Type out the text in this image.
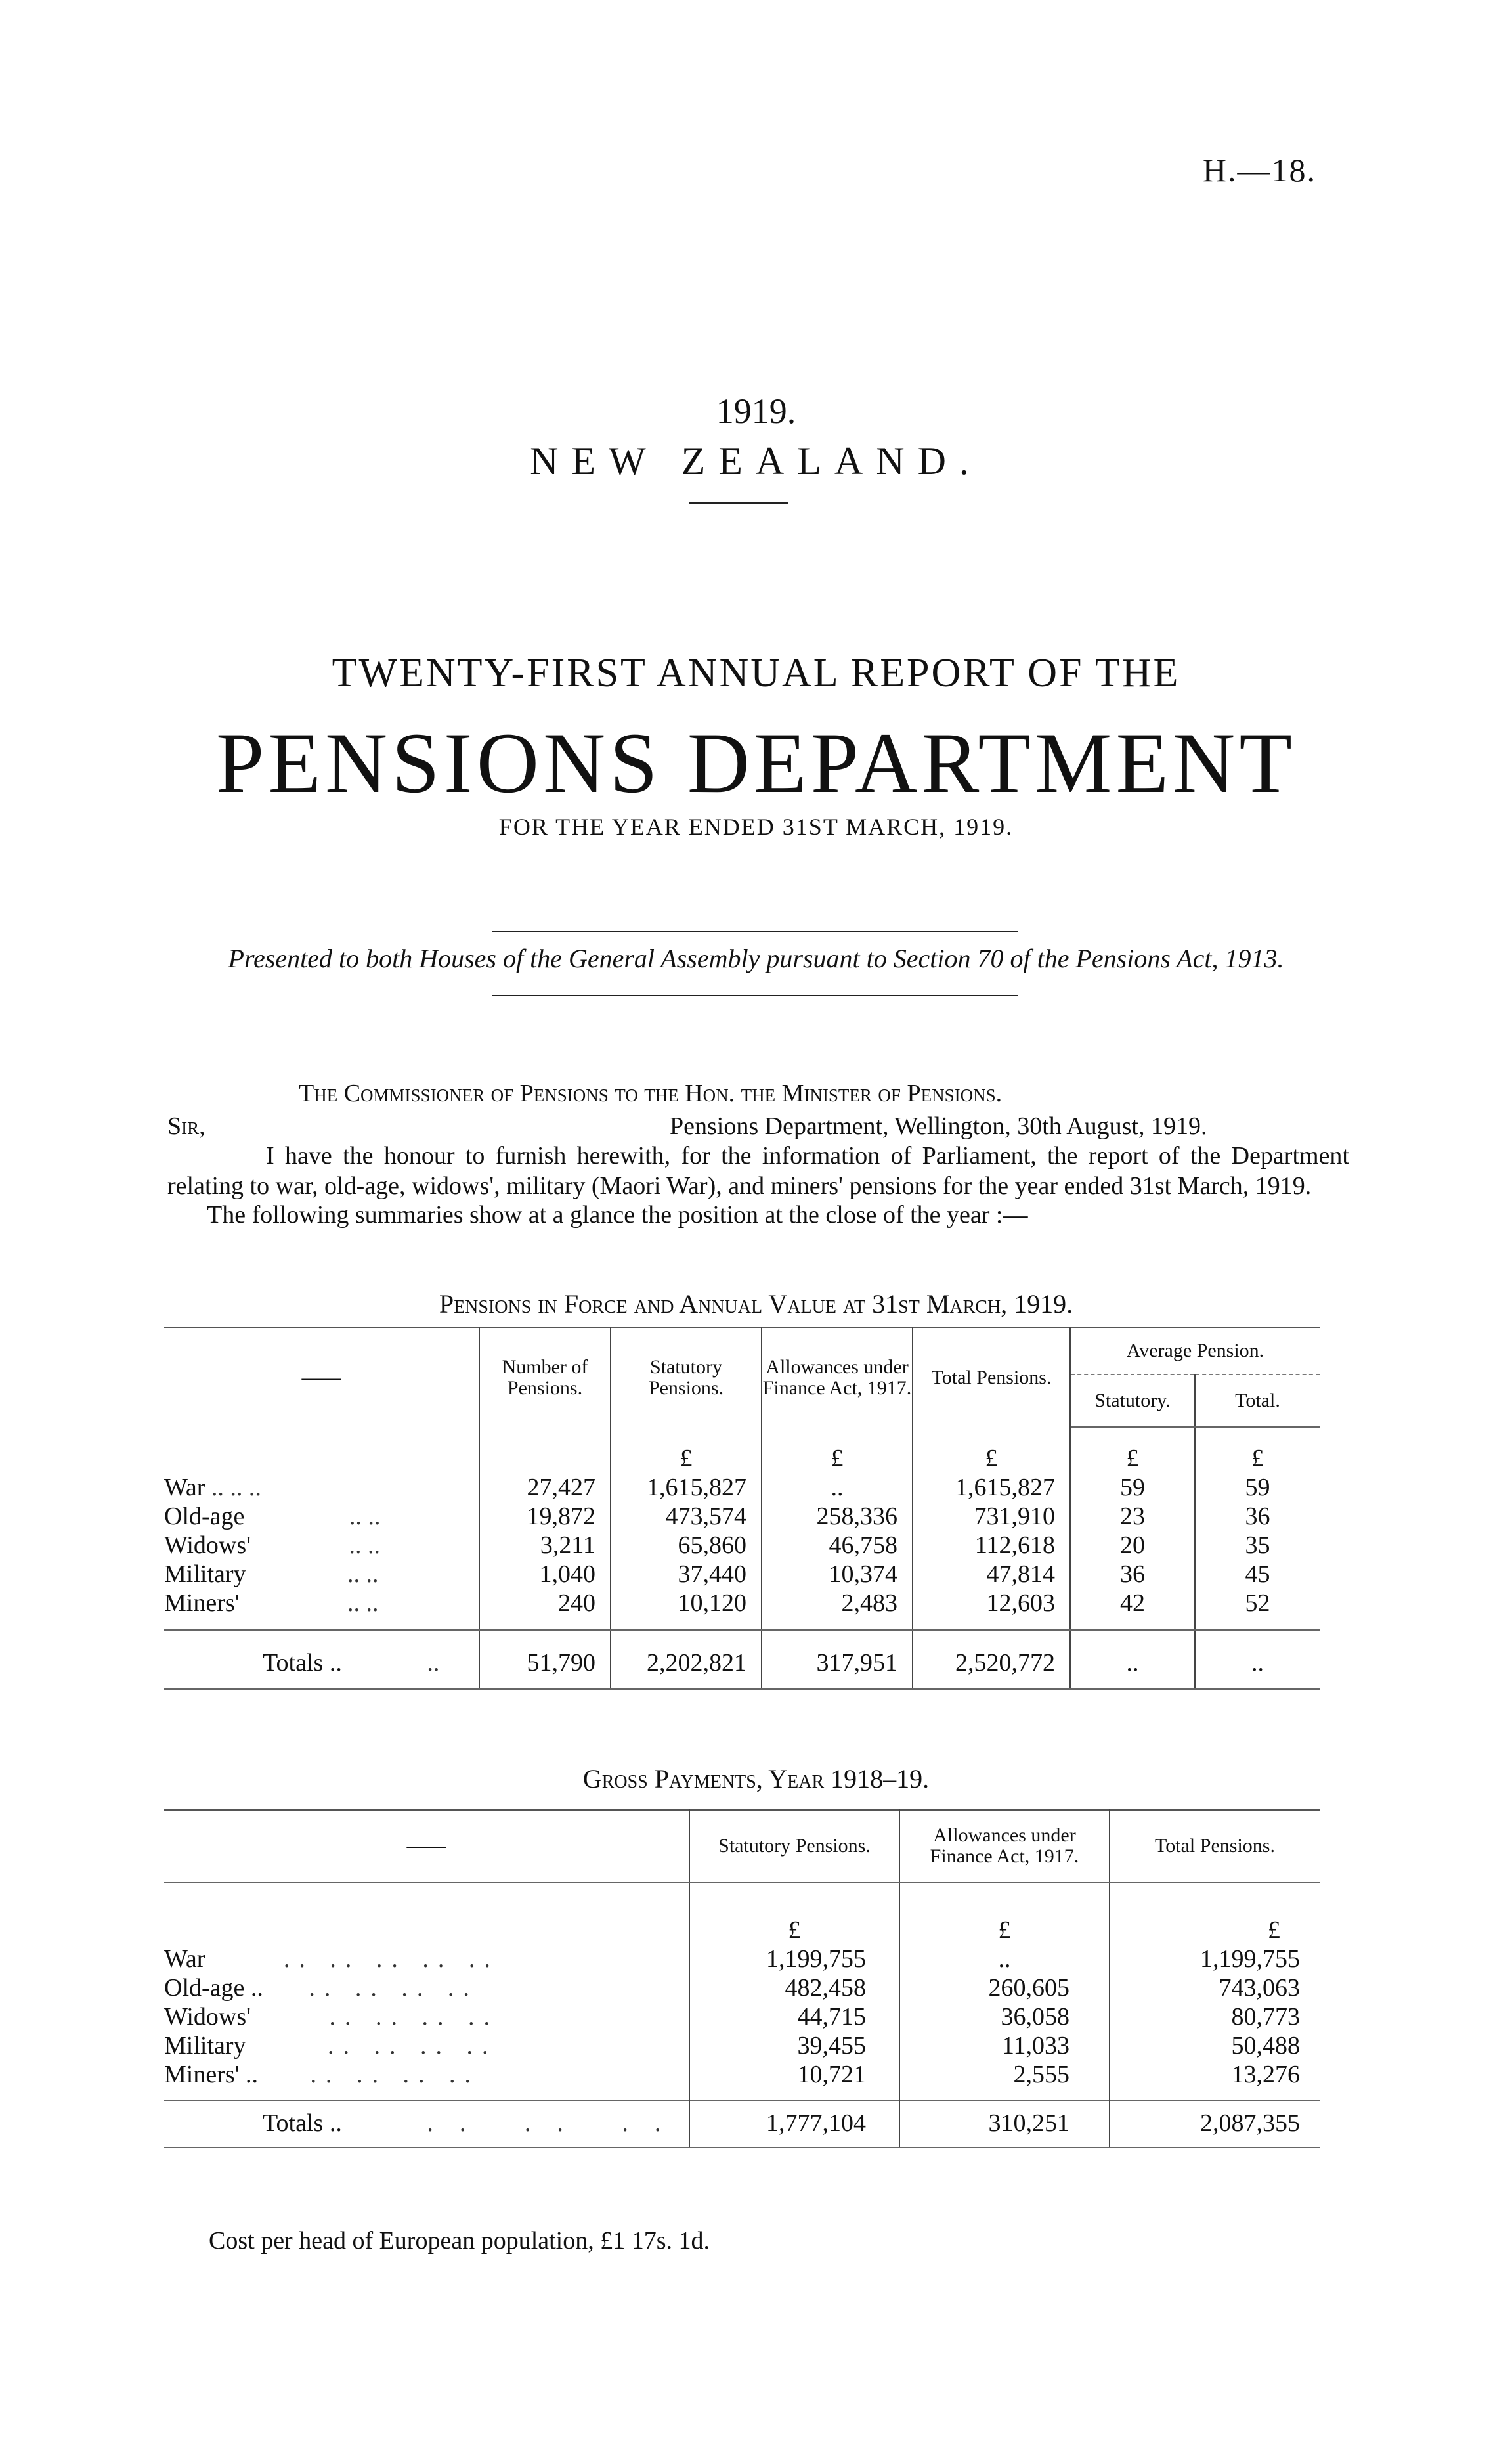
H.—18.
1919.
NEW ZEALAND.
TWENTY-FIRST ANNUAL REPORT OF THE
PENSIONS DEPARTMENT
FOR THE YEAR ENDED 31ST MARCH, 1919.
Presented to both Houses of the General Assembly pursuant to Section 70 of the Pensions Act, 1913.
The Commissioner of Pensions to the Hon. the Minister of Pensions.
Sir,	Pensions Department, Wellington, 30th August, 1919.
I have the honour to furnish herewith, for the information of Parliament, the report of the Department relating to war, old-age, widows', military (Maori War), and miners' pensions for the year ended 31st March, 1919.
The following summaries show at a glance the position at the close of the year :—
Pensions in Force and Annual Value at 31st March, 1919.
——	Number of Pensions.	Statutory Pensions.	Allowances under Finance Act, 1917.	Total Pensions.	Average Pension.	
					Statutory.	Total.
		£	£	£	£	£
War .. .. ..	27,427	1,615,827	..	1,615,827	59	59
Old-age .. ..	19,872	473,574	258,336	731,910	23	36
Widows' .. ..	3,211	65,860	46,758	112,618	20	35
Military .. ..	1,040	37,440	10,374	47,814	36	45
Miners' .. ..	240	10,120	2,483	12,603	42	52
Totals .. ..	51,790	2,202,821	317,951	2,520,772	..	..
Gross Payments, Year 1918–19.
——	Statutory Pensions.	Allowances under Finance Act, 1917.	Total Pensions.
	£	£	£
War .. .. .. .. ..	1,199,755	..	1,199,755
Old-age .. .. .. .. ..	482,458	260,605	743,063
Widows' .. .. .. ..	44,715	36,058	80,773
Military .. .. .. ..	39,455	11,033	50,488
Miners' .. .. .. .. ..	10,721	2,555	13,276
Totals .. .. .. ..	1,777,104	310,251	2,087,355
Cost per head of European population, £1 17s. 1d.
